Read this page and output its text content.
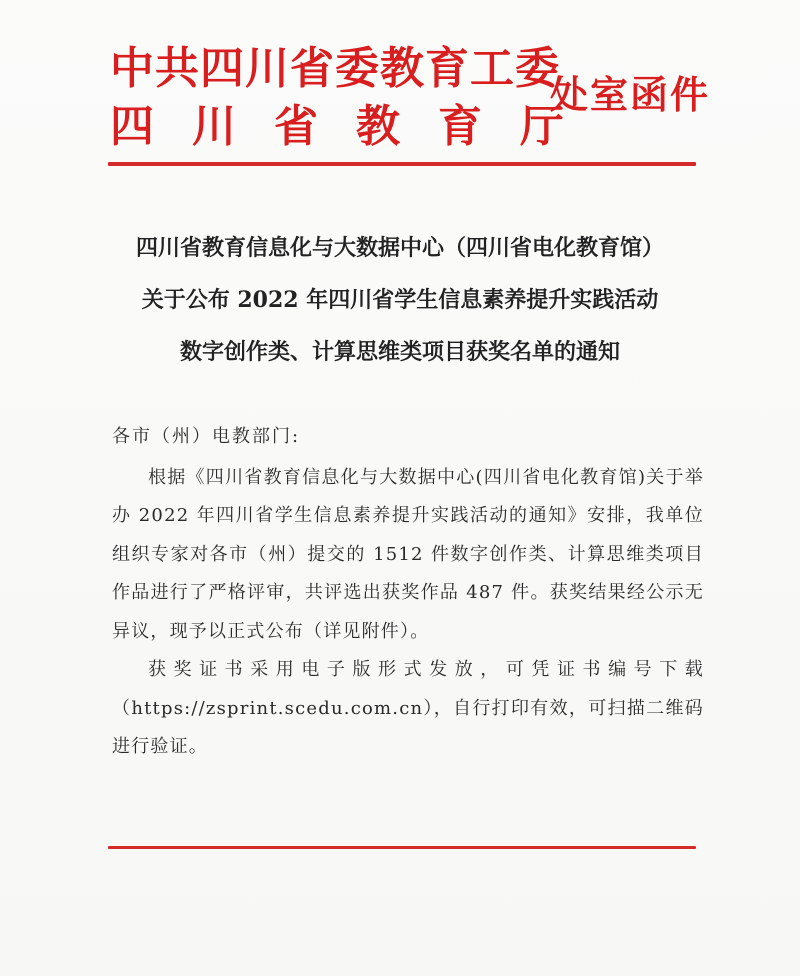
中共四川省委教育工委
四川省教育厅
处室函件
四川省教育信息化与大数据中心（四川省电化教育馆）
关于公布 2022 年四川省学生信息素养提升实践活动
数字创作类、计算思维类项目获奖名单的通知
各市（州）电教部门:
根据《四川省教育信息化与大数据中心(四川省电化教育馆)关于举办 2022 年四川省学生信息素养提升实践活动的通知》安排，我单位组织专家对各市（州）提交的 1512 件数字创作类、计算思维类项目作品进行了严格评审，共评选出获奖作品 487 件。获奖结果经公示无异议，现予以正式公布（详见附件）。
获奖证书采用电子版形式发放，可凭证书编号下载（https://zsprint.scedu.com.cn），自行打印有效，可扫描二维码进行验证。
